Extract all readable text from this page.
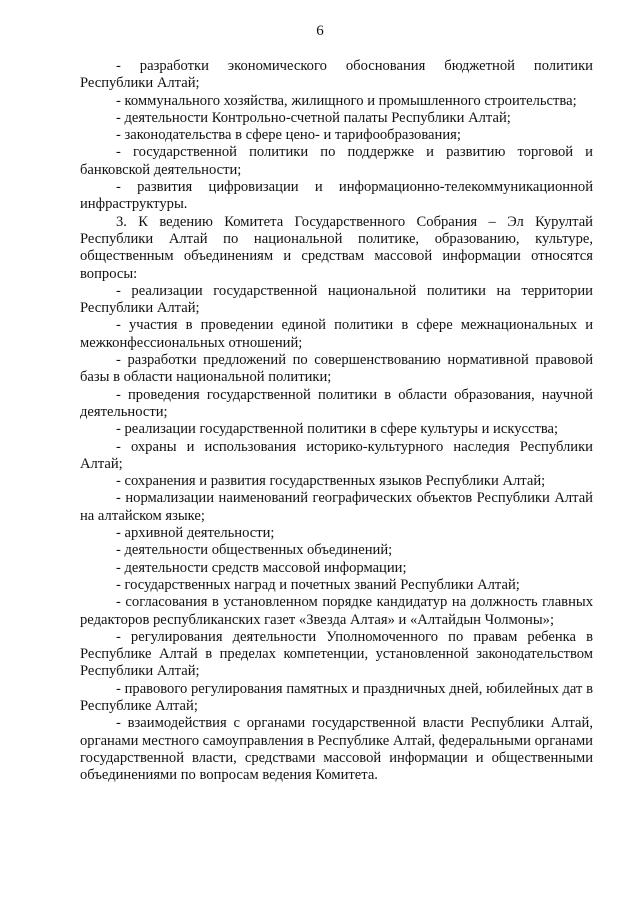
6

- разработки экономического обоснования бюджетной политики Республики Алтай;

- коммунального хозяйства, жилищного и промышленного строительства;

- деятельности Контрольно-счетной палаты Республики Алтай;

- законодательства в сфере цено- и тарифообразования;

- государственной политики по поддержке и развитию торговой и банковской деятельности;

- развития цифровизации и информационно-телекоммуникационной инфраструктуры.

3. К ведению Комитета Государственного Собрания – Эл Курултай Республики Алтай по национальной политике, образованию, культуре, общественным объединениям и средствам массовой информации относятся вопросы:

- реализации государственной национальной политики на территории Республики Алтай;

- участия в проведении единой политики в сфере межнациональных и межконфессиональных отношений;

- разработки предложений по совершенствованию нормативной правовой базы в области национальной политики;

- проведения государственной политики в области образования, научной деятельности;

- реализации государственной политики в сфере культуры и искусства;

- охраны и использования историко-культурного наследия Республики Алтай;

- сохранения и развития государственных языков Республики Алтай;

- нормализации наименований географических объектов Республики Алтай на алтайском языке;

- архивной деятельности;

- деятельности общественных объединений;

- деятельности средств массовой информации;

- государственных наград и почетных званий Республики Алтай;

- согласования в установленном порядке кандидатур на должность главных редакторов республиканских газет «Звезда Алтая» и «Алтайдын Чолмоны»;

- регулирования деятельности Уполномоченного по правам ребенка в Республике Алтай в пределах компетенции, установленной законодательством Республики Алтай;

- правового регулирования памятных и праздничных дней, юбилейных дат в Республике Алтай;

- взаимодействия с органами государственной власти Республики Алтай, органами местного самоуправления в Республике Алтай, федеральными органами государственной власти, средствами массовой информации и общественными объединениями по вопросам ведения Комитета.
